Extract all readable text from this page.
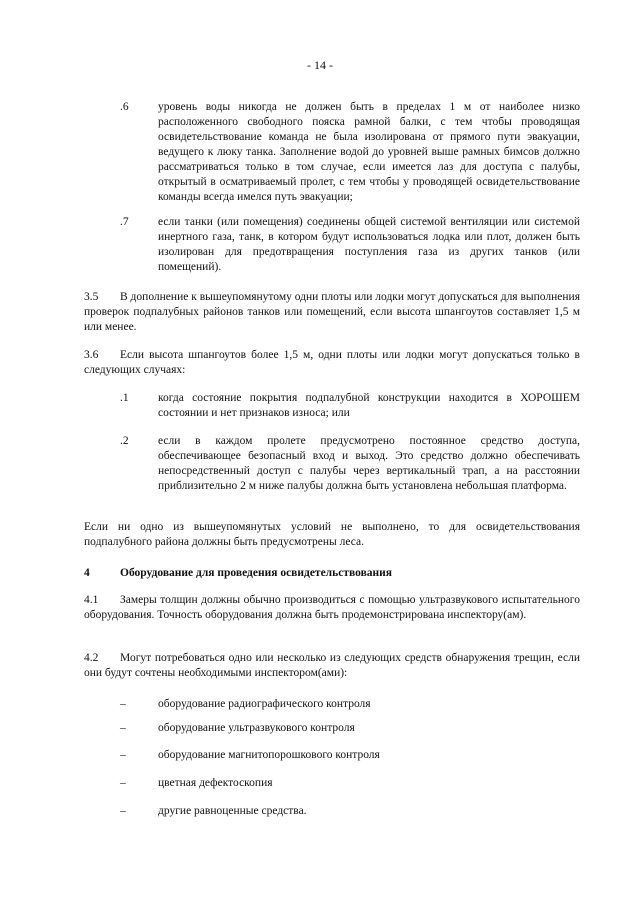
- 14 -
.6	уровень воды никогда не должен быть в пределах 1 м от наиболее низко расположенного свободного пояска рамной балки, с тем чтобы проводящая освидетельствование команда не была изолирована от прямого пути эвакуации, ведущего к люку танка. Заполнение водой до уровней выше рамных бимсов должно рассматриваться только в том случае, если имеется лаз для доступа с палубы, открытый в осматриваемый пролет, с тем чтобы у проводящей освидетельствование команды всегда имелся путь эвакуации;
.7	если танки (или помещения) соединены общей системой вентиляции или системой инертного газа, танк, в котором будут использоваться лодка или плот, должен быть изолирован для предотвращения поступления газа из других танков (или помещений).
3.5 В дополнение к вышеупомянутому одни плоты или лодки могут допускаться для выполнения проверок подпалубных районов танков или помещений, если высота шпангоутов составляет 1,5 м или менее.
3.6 Если высота шпангоутов более 1,5 м, одни плоты или лодки могут допускаться только в следующих случаях:
.1	когда состояние покрытия подпалубной конструкции находится в ХОРОШЕМ состоянии и нет признаков износа; или
.2	если в каждом пролете предусмотрено постоянное средство доступа, обеспечивающее безопасный вход и выход. Это средство должно обеспечивать непосредственный доступ с палубы через вертикальный трап, а на расстоянии приблизительно 2 м ниже палубы должна быть установлена небольшая платформа.
Если ни одно из вышеупомянутых условий не выполнено, то для освидетельствования подпалубного района должны быть предусмотрены леса.
4	Оборудование для проведения освидетельствования
4.1 Замеры толщин должны обычно производиться с помощью ультразвукового испытательного оборудования. Точность оборудования должна быть продемонстрирована инспектору(ам).
4.2 Могут потребоваться одно или несколько из следующих средств обнаружения трещин, если они будут сочтены необходимыми инспектором(ами):
–	оборудование радиографического контроля
–	оборудование ультразвукового контроля
–	оборудование магнитопорошкового контроля
–	цветная дефектоскопия
–	другие равноценные средства.
